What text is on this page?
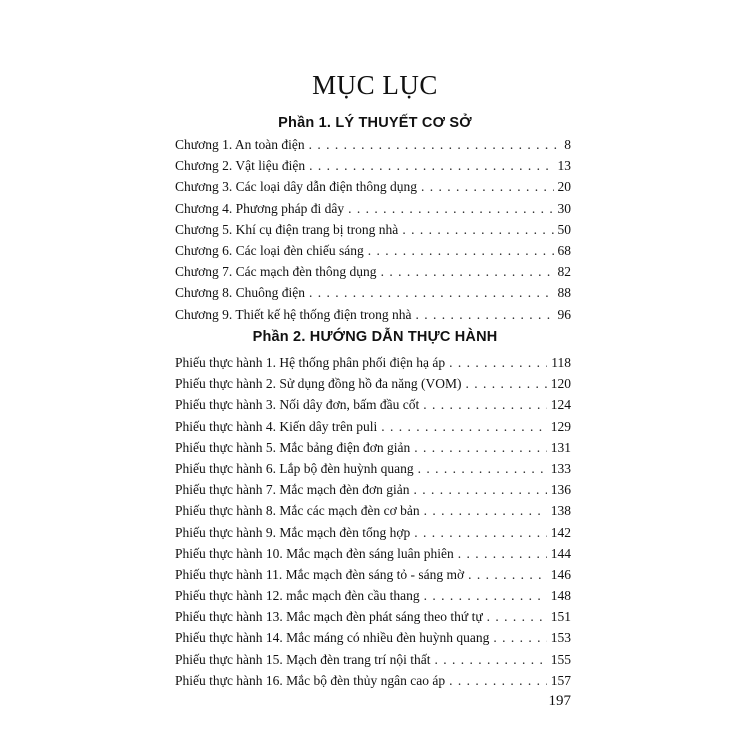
MỤC LỤC
Phần 1. LÝ THUYẾT CƠ SỞ
Chương 1. An toàn điện . . .	8
Chương 2. Vật liệu điện . . .	13
Chương 3. Các loại dây dẫn điện thông dụng . . .	20
Chương 4. Phương pháp đi dây . . .	30
Chương 5. Khí cụ điện trang bị trong nhà . . .	50
Chương 6. Các loại đèn chiếu sáng . . .	68
Chương 7. Các mạch đèn thông dụng . . .	82
Chương 8. Chuông điện . . .	88
Chương 9. Thiết kế hệ thống điện trong nhà . . .	96
Phần 2. HƯỚNG DẪN THỰC HÀNH
Phiếu thực hành 1. Hệ thống phân phối điện hạ áp . . .	118
Phiếu thực hành 2. Sử dụng đồng hồ đa năng (VOM) . . .	120
Phiếu thực hành 3. Nối dây đơn, bấm đầu cốt . . .	124
Phiếu thực hành 4. Kiến dây trên puli . . .	129
Phiếu thực hành 5. Mắc bảng điện đơn giản . . .	131
Phiếu thực hành 6. Lắp bộ đèn huỳnh quang . . .	133
Phiếu thực hành 7. Mắc mạch đèn đơn giản . . .	136
Phiếu thực hành 8. Mắc các mạch đèn cơ bản . . .	138
Phiếu thực hành 9. Mắc mạch đèn tổng hợp . . .	142
Phiếu thực hành 10. Mắc mạch đèn sáng luân phiên . . .	144
Phiếu thực hành 11. Mắc mạch đèn sáng tỏ - sáng mờ . . .	146
Phiếu thực hành 12. mắc mạch đèn cầu thang . . .	148
Phiếu thực hành 13. Mắc mạch đèn phát sáng theo thứ tự . . .	151
Phiếu thực hành 14. Mắc máng có nhiều đèn huỳnh quang . . .	153
Phiếu thực hành 15. Mạch đèn trang trí nội thất . . .	155
Phiếu thực hành 16. Mắc bộ đèn thủy ngân cao áp . . .	157
197
